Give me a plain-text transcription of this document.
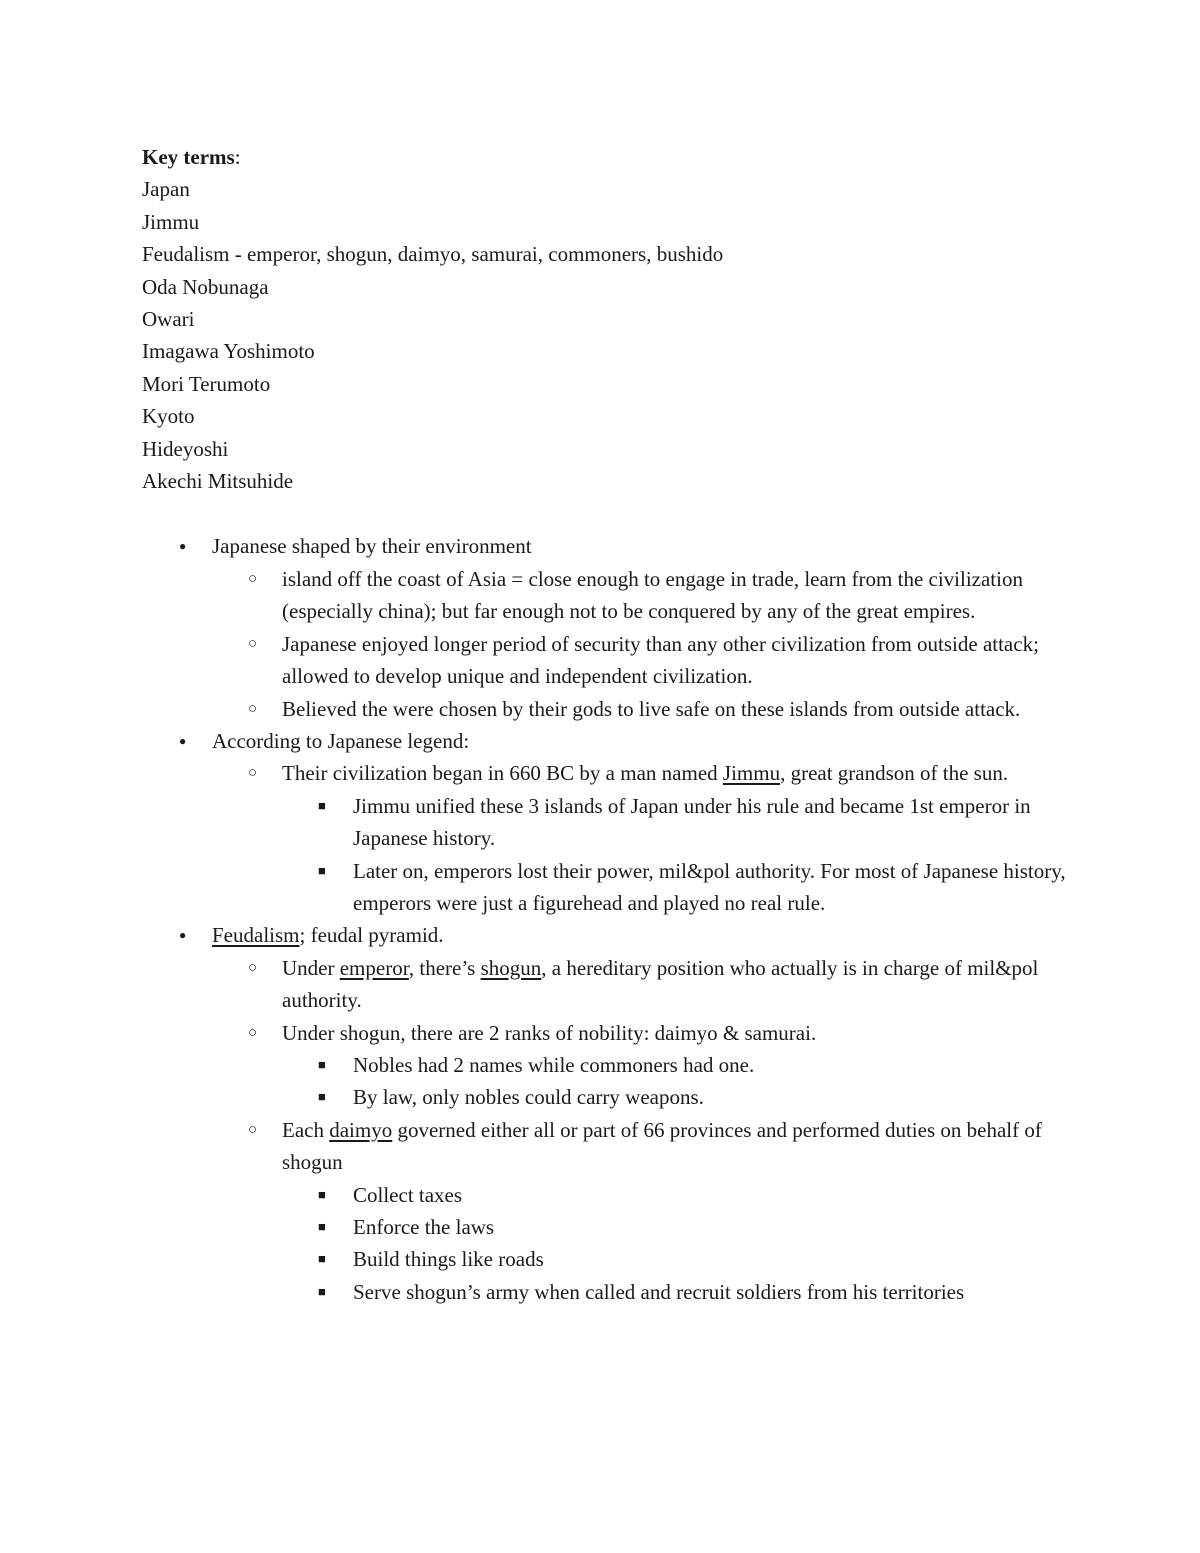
Key terms:
Japan
Jimmu
Feudalism - emperor, shogun, daimyo, samurai, commoners, bushido
Oda Nobunaga
Owari
Imagawa Yoshimoto
Mori Terumoto
Kyoto
Hideyoshi
Akechi Mitsuhide
● Japanese shaped by their environment
○ island off the coast of Asia = close enough to engage in trade, learn from the civilization (especially china); but far enough not to be conquered by any of the great empires.
○ Japanese enjoyed longer period of security than any other civilization from outside attack; allowed to develop unique and independent civilization.
○ Believed the were chosen by their gods to live safe on these islands from outside attack.
● According to Japanese legend:
○ Their civilization began in 660 BC by a man named Jimmu, great grandson of the sun.
■ Jimmu unified these 3 islands of Japan under his rule and became 1st emperor in Japanese history.
■ Later on, emperors lost their power, mil&pol authority. For most of Japanese history, emperors were just a figurehead and played no real rule.
● Feudalism; feudal pyramid.
○ Under emperor, there’s shogun, a hereditary position who actually is in charge of mil&pol authority.
○ Under shogun, there are 2 ranks of nobility: daimyo & samurai.
■ Nobles had 2 names while commoners had one.
■ By law, only nobles could carry weapons.
○ Each daimyo governed either all or part of 66 provinces and performed duties on behalf of shogun
■ Collect taxes
■ Enforce the laws
■ Build things like roads
■ Serve shogun’s army when called and recruit soldiers from his territories
